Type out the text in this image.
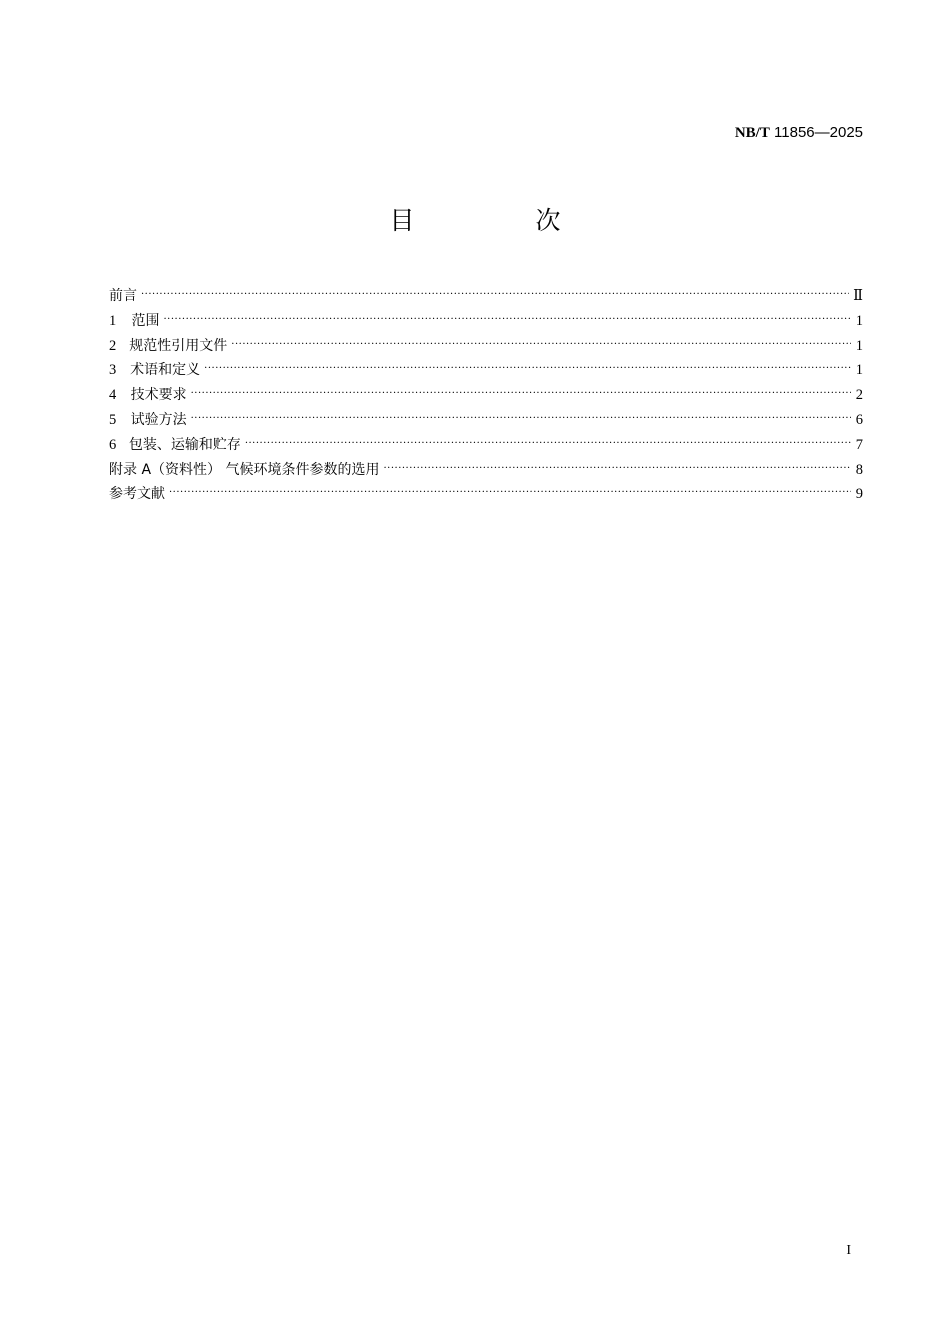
NB/T 11856—2025
目　次
前言 ·····	Ⅱ
1	范围 ·····	1
2 规范性引用文件 ·····	1
3 术语和定义 ·····	1
4	技术要求 ·····	2
5	试验方法 ·····	6
6 包装、运输和贮存 ·····	7
附录 A（资料性） 气候环境条件参数的选用 ·····	8
参考文献 ·····	9
I
